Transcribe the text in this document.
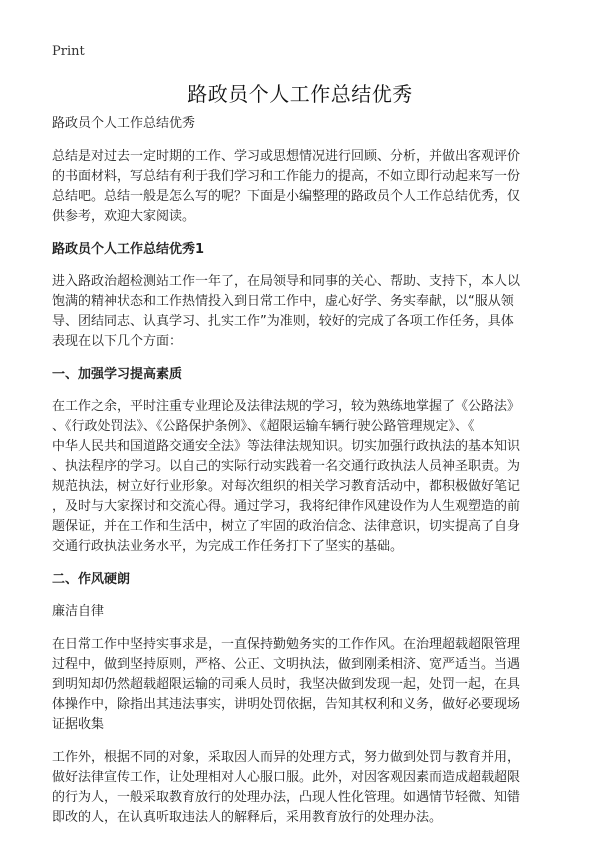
Print
路政员个人工作总结优秀

路政员个人工作总结优秀

总结是对过去一定时期的工作、学习或思想情况进行回顾、分析，并做出客观评价
的书面材料，写总结有利于我们学习和工作能力的提高，不如立即行动起来写一份
总结吧。总结一般是怎么写的呢？下面是小编整理的路政员个人工作总结优秀，仅
供参考，欢迎大家阅读。

路政员个人工作总结优秀1

进入路政治超检测站工作一年了，在局领导和同事的关心、帮助、支持下，本人以
饱满的精神状态和工作热情投入到日常工作中，虚心好学、务实奉献，以“服从领
导、团结同志、认真学习、扎实工作”为准则，较好的完成了各项工作任务，具体
表现在以下几个方面：

一、加强学习提高素质

在工作之余，平时注重专业理论及法律法规的学习，较为熟练地掌握了《公路法》
、《行政处罚法》、《公路保护条例》、《超限运输车辆行驶公路管理规定》、《
中华人民共和国道路交通安全法》等法律法规知识。切实加强行政执法的基本知识
、执法程序的学习。以自己的实际行动实践着一名交通行政执法人员神圣职责。为
规范执法，树立好行业形象。对每次组织的相关学习教育活动中，都积极做好笔记
，及时与大家探讨和交流心得。通过学习，我将纪律作风建设作为人生观塑造的前
题保证，并在工作和生活中，树立了牢固的政治信念、法律意识，切实提高了自身
交通行政执法业务水平，为完成工作任务打下了坚实的基础。

二、作风硬朗

廉洁自律

在日常工作中坚持实事求是，一直保持勤勉务实的工作作风。在治理超载超限管理
过程中，做到坚持原则，严格、公正、文明执法，做到刚柔相济、宽严适当。当遇
到明知却仍然超载超限运输的司乘人员时，我坚决做到发现一起，处罚一起，在具
体操作中，除指出其违法事实，讲明处罚依据，告知其权利和义务，做好必要现场
证据收集

工作外，根据不同的对象，采取因人而异的处理方式，努力做到处罚与教育并用，
做好法律宣传工作，让处理相对人心服口服。此外，对因客观因素而造成超载超限
的行为人，一般采取教育放行的处理办法，凸现人性化管理。如遇情节轻微、知错
即改的人，在认真听取违法人的解释后，采用教育放行的处理办法。
